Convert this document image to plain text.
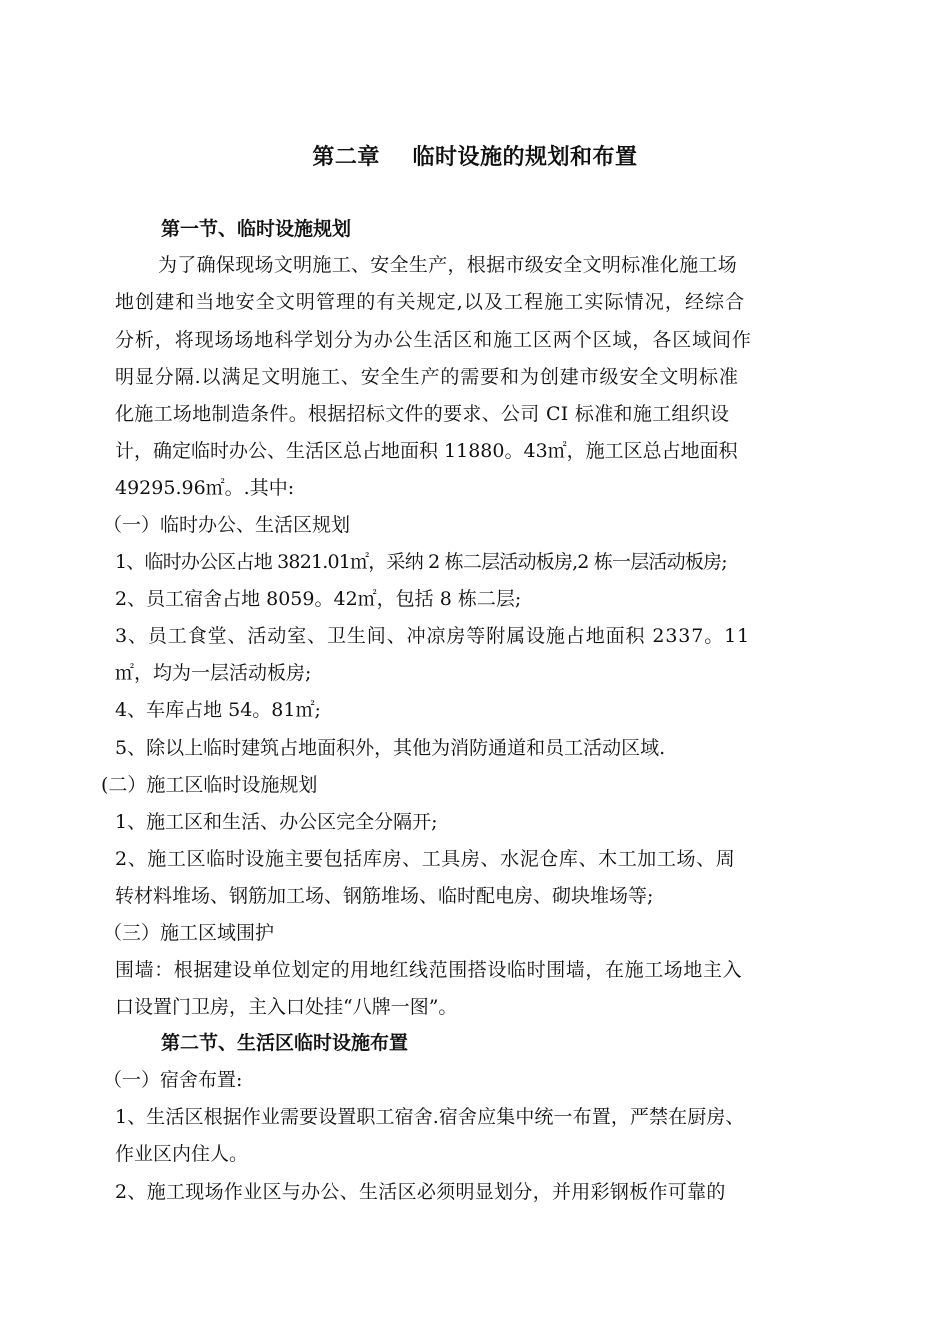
第二章    临时设施的规划和布置
第一节、临时设施规划
为了确保现场文明施工、安全生产，根据市级安全文明标准化施工场
地创建和当地安全文明管理的有关规定,以及工程施工实际情况，经综合
分析，将现场场地科学划分为办公生活区和施工区两个区域，各区域间作
明显分隔.以满足文明施工、安全生产的需要和为创建市级安全文明标准
化施工场地制造条件。根据招标文件的要求、公司 CI 标准和施工组织设
计，确定临时办公、生活区总占地面积 11880。43㎡，施工区总占地面积
49295.96㎡。.其中:
（一）临时办公、生活区规划
1、临时办公区占地 3821.01㎡，采纳 2 栋二层活动板房,2 栋一层活动板房;
2、员工宿舍占地 8059。42㎡，包括 8 栋二层;
3、员工食堂、活动室、卫生间、冲凉房等附属设施占地面积 2337。11
㎡，均为一层活动板房;
4、车库占地 54。81㎡;
5、除以上临时建筑占地面积外，其他为消防通道和员工活动区域.
(二）施工区临时设施规划
1、施工区和生活、办公区完全分隔开;
2、施工区临时设施主要包括库房、工具房、水泥仓库、木工加工场、周
转材料堆场、钢筋加工场、钢筋堆场、临时配电房、砌块堆场等;
（三）施工区域围护
围墙：根据建设单位划定的用地红线范围搭设临时围墙，在施工场地主入
口设置门卫房，主入口处挂“八牌一图”。
第二节、生活区临时设施布置
（一）宿舍布置:
1、生活区根据作业需要设置职工宿舍.宿舍应集中统一布置，严禁在厨房、
作业区内住人。
2、施工现场作业区与办公、生活区必须明显划分，并用彩钢板作可靠的
